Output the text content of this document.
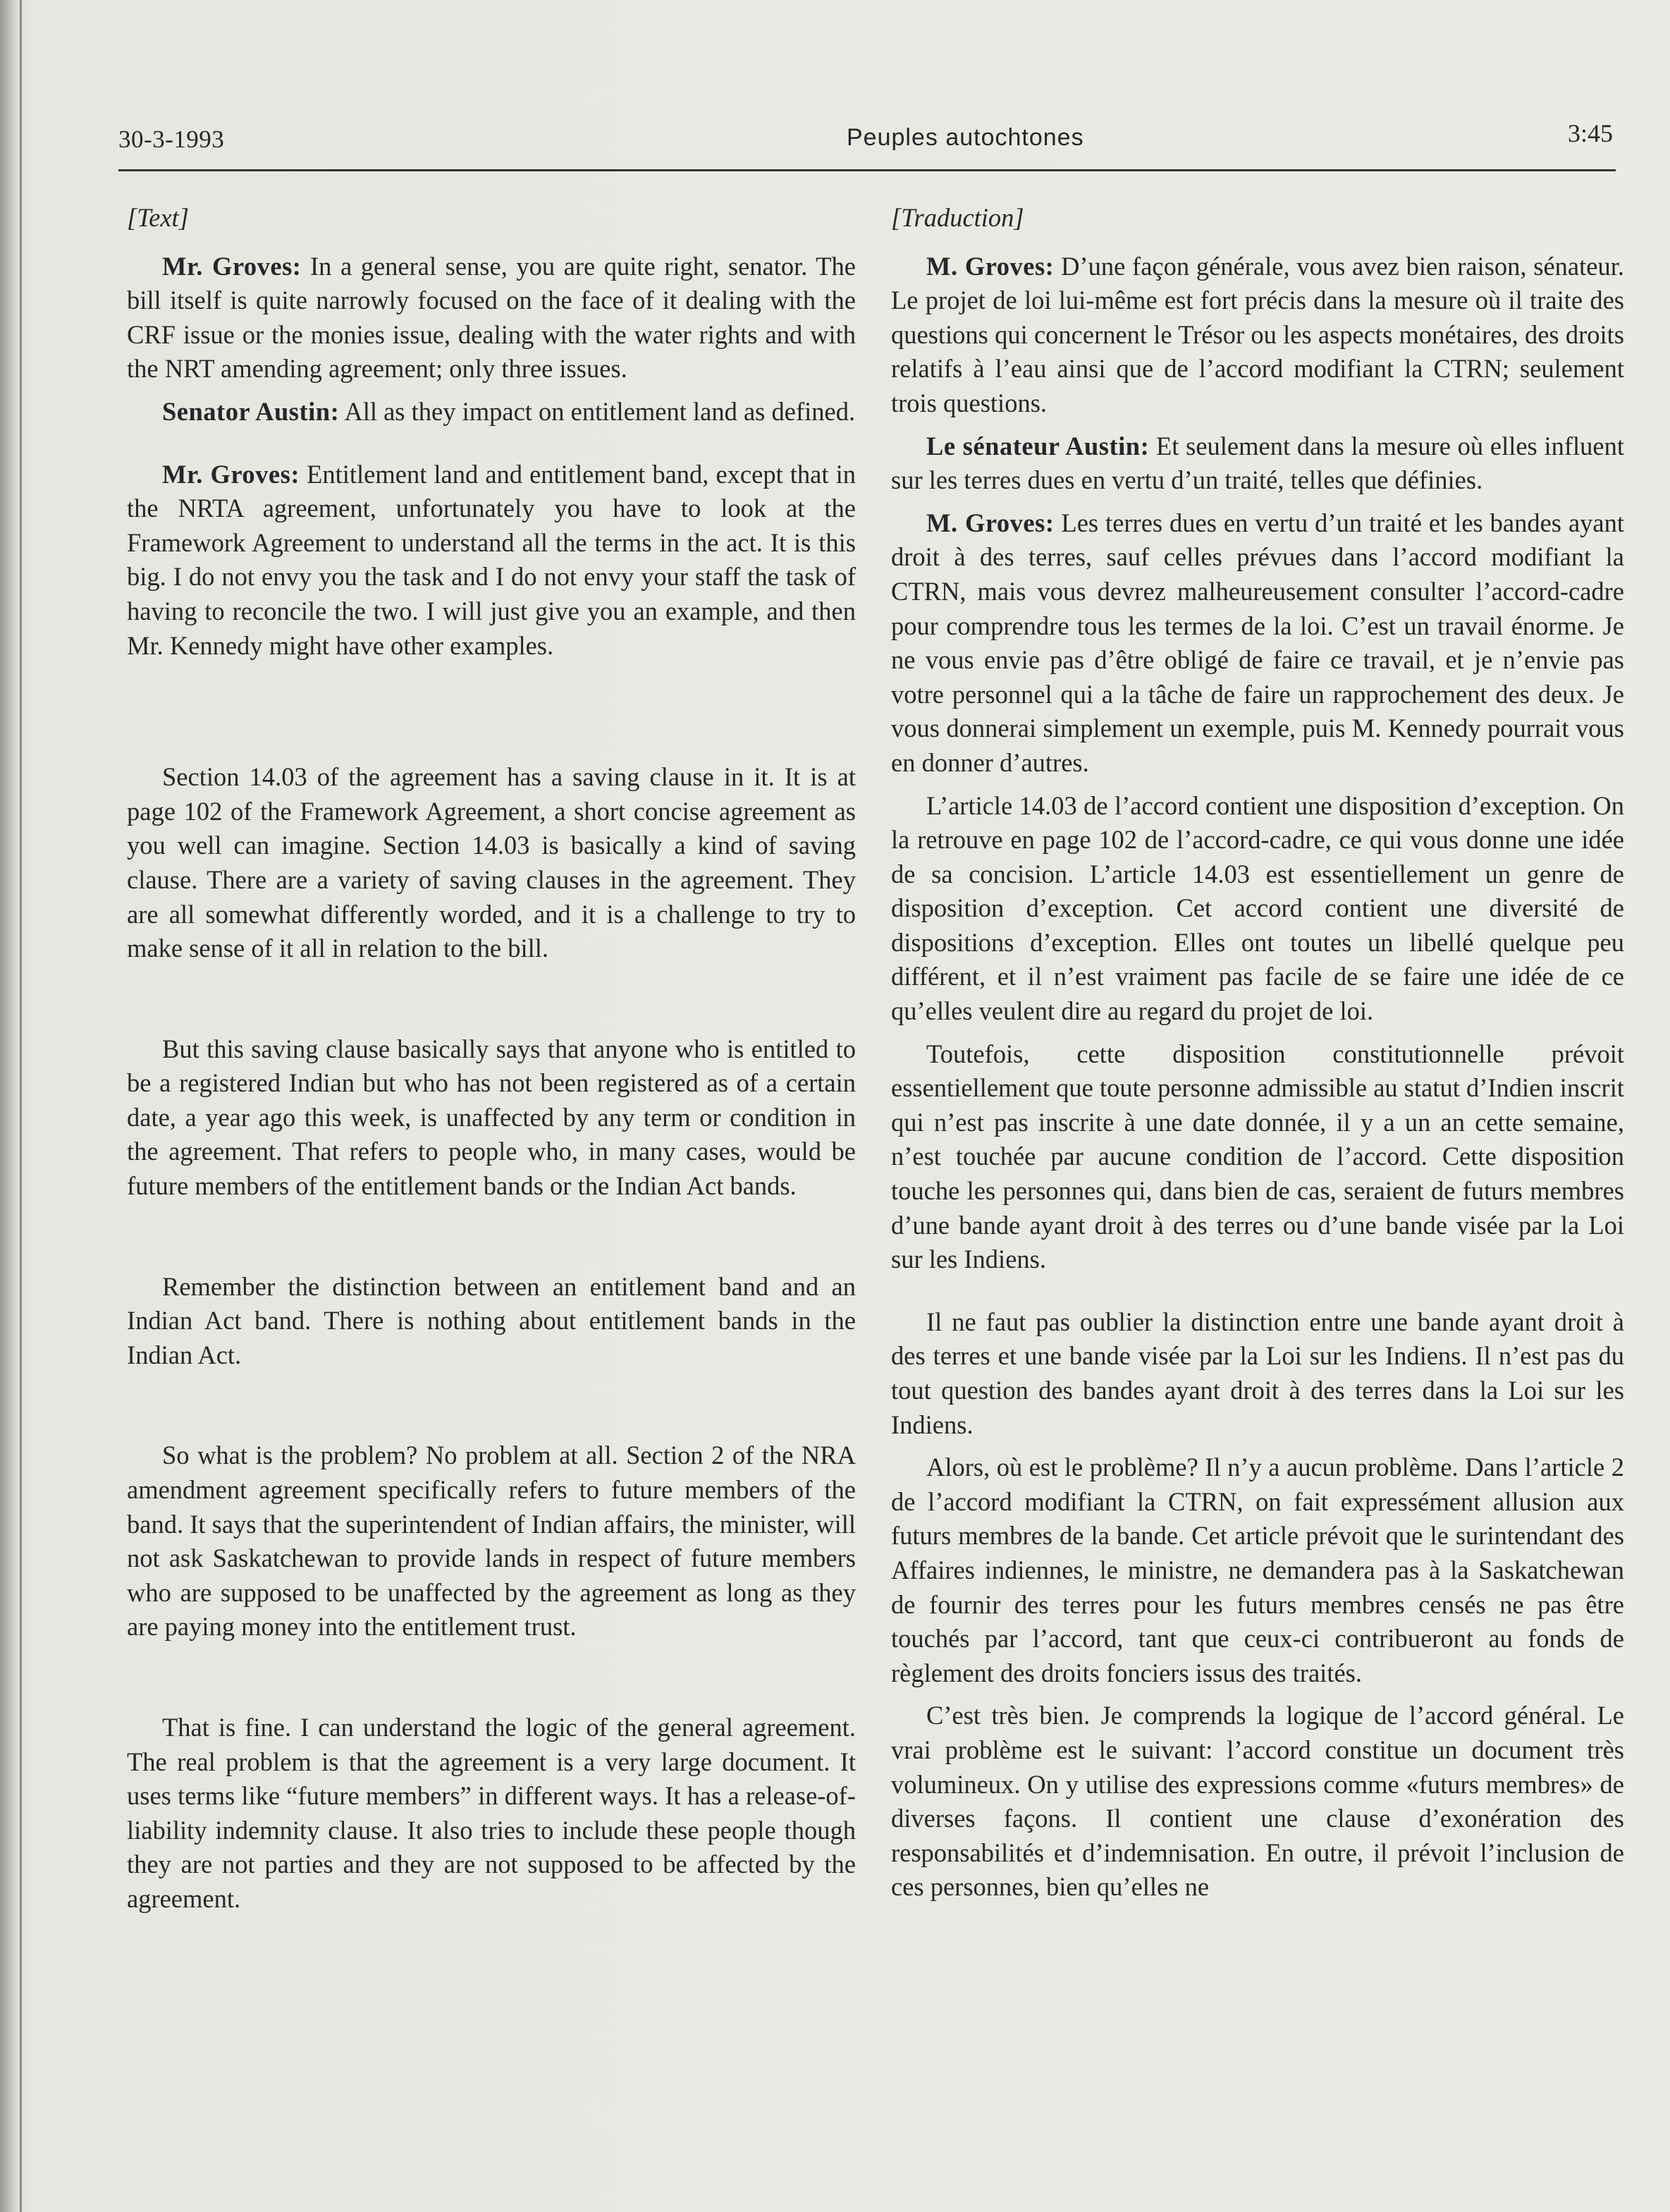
30-3-1993	Peuples autochtones	3:45

[Text]

Mr. Groves: In a general sense, you are quite right, senator. The bill itself is quite narrowly focused on the face of it dealing with the CRF issue or the monies issue, dealing with the water rights and with the NRT amending agreement; only three issues.

Senator Austin: All as they impact on entitlement land as defined.

Mr. Groves: Entitlement land and entitlement band, except that in the NRTA agreement, unfortunately you have to look at the Framework Agreement to understand all the terms in the act. It is this big. I do not envy you the task and I do not envy your staff the task of having to reconcile the two. I will just give you an example, and then Mr. Kennedy might have other examples.

Section 14.03 of the agreement has a saving clause in it. It is at page 102 of the Framework Agreement, a short concise agreement as you well can imagine. Section 14.03 is basically a kind of saving clause. There are a variety of saving clauses in the agreement. They are all somewhat differently worded, and it is a challenge to try to make sense of it all in relation to the bill.

But this saving clause basically says that anyone who is entitled to be a registered Indian but who has not been registered as of a certain date, a year ago this week, is unaffected by any term or condition in the agreement. That refers to people who, in many cases, would be future members of the entitlement bands or the Indian Act bands.

Remember the distinction between an entitlement band and an Indian Act band. There is nothing about entitlement bands in the Indian Act.

So what is the problem? No problem at all. Section 2 of the NRA amendment agreement specifically refers to future members of the band. It says that the superintendent of Indian affairs, the minister, will not ask Saskatchewan to provide lands in respect of future members who are supposed to be unaffected by the agreement as long as they are paying money into the entitlement trust.

That is fine. I can understand the logic of the general agreement. The real problem is that the agreement is a very large document. It uses terms like “future members” in different ways. It has a release-of-liability indemnity clause. It also tries to include these people though they are not parties and they are not supposed to be affected by the agreement.

[Traduction]

M. Groves: D’une façon générale, vous avez bien raison, sénateur. Le projet de loi lui-même est fort précis dans la mesure où il traite des questions qui concernent le Trésor ou les aspects monétaires, des droits relatifs à l’eau ainsi que de l’accord modifiant la CTRN; seulement trois questions.

Le sénateur Austin: Et seulement dans la mesure où elles influent sur les terres dues en vertu d’un traité, telles que définies.

M. Groves: Les terres dues en vertu d’un traité et les bandes ayant droit à des terres, sauf celles prévues dans l’accord modifiant la CTRN, mais vous devrez malheureusement consulter l’accord-cadre pour comprendre tous les termes de la loi. C’est un travail énorme. Je ne vous envie pas d’être obligé de faire ce travail, et je n’envie pas votre personnel qui a la tâche de faire un rapprochement des deux. Je vous donnerai simplement un exemple, puis M. Kennedy pourrait vous en donner d’autres.

L’article 14.03 de l’accord contient une disposition d’exception. On la retrouve en page 102 de l’accord-cadre, ce qui vous donne une idée de sa concision. L’article 14.03 est essentiellement un genre de disposition d’exception. Cet accord contient une diversité de dispositions d’exception. Elles ont toutes un libellé quelque peu différent, et il n’est vraiment pas facile de se faire une idée de ce qu’elles veulent dire au regard du projet de loi.

Toutefois, cette disposition constitutionnelle prévoit essentiellement que toute personne admissible au statut d’Indien inscrit qui n’est pas inscrite à une date donnée, il y a un an cette semaine, n’est touchée par aucune condition de l’accord. Cette disposition touche les personnes qui, dans bien de cas, seraient de futurs membres d’une bande ayant droit à des terres ou d’une bande visée par la Loi sur les Indiens.

Il ne faut pas oublier la distinction entre une bande ayant droit à des terres et une bande visée par la Loi sur les Indiens. Il n’est pas du tout question des bandes ayant droit à des terres dans la Loi sur les Indiens.

Alors, où est le problème? Il n’y a aucun problème. Dans l’article 2 de l’accord modifiant la CTRN, on fait expressément allusion aux futurs membres de la bande. Cet article prévoit que le surintendant des Affaires indiennes, le ministre, ne demandera pas à la Saskatchewan de fournir des terres pour les futurs membres censés ne pas être touchés par l’accord, tant que ceux-ci contribueront au fonds de règlement des droits fonciers issus des traités.

C’est très bien. Je comprends la logique de l’accord général. Le vrai problème est le suivant: l’accord constitue un document très volumineux. On y utilise des expressions comme «futurs membres» de diverses façons. Il contient une clause d’exonération des responsabilités et d’indemnisation. En outre, il prévoit l’inclusion de ces personnes, bien qu’elles ne
